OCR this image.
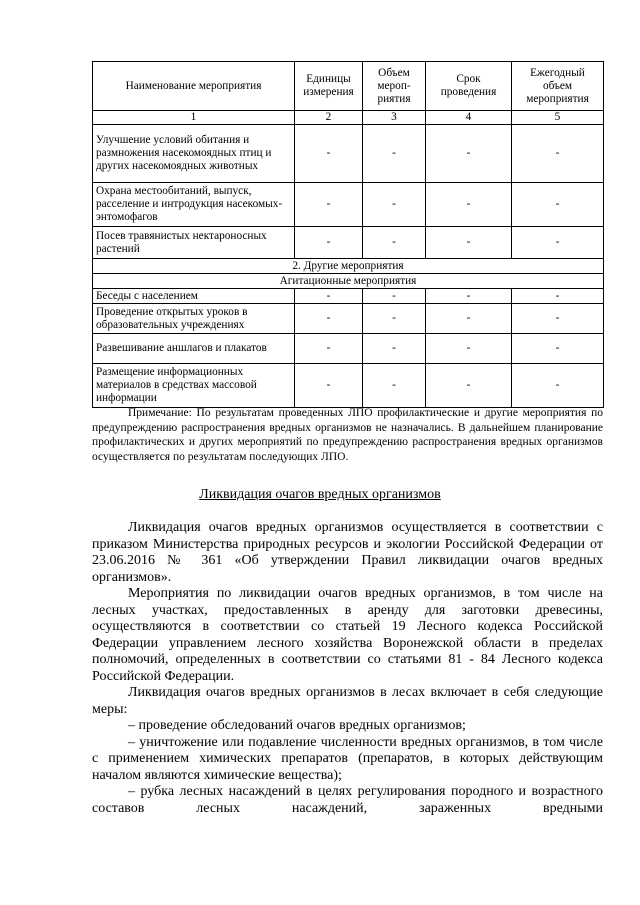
Наименование мероприятия	Единицы измерения	Объем мероп-риятия	Срок проведения	Ежегодный объем мероприятия
1	2	3	4	5
Улучшение условий обитания и размножения насекомоядных птиц и других насекомоядных животных	-	-	-	-
Охрана местообитаний, выпуск, расселение и интродукция насекомых-энтомофагов	-	-	-	-
Посев травянистых нектароносных растений	-	-	-	-
2. Другие мероприятия				
Агитационные мероприятия				
Беседы с населением	-	-	-	-
Проведение открытых уроков в образовательных учреждениях	-	-	-	-
Развешивание аншлагов и плакатов	-	-	-	-
Размещение информационных материалов в средствах массовой информации	-	-	-	-

Примечание: По результатам проведенных ЛПО профилактические и другие мероприятия по предупреждению распространения вредных организмов не назначались. В дальнейшем планирование профилактических и других мероприятий по предупреждению распространения вредных организмов осуществляется по результатам последующих ЛПО.

Ликвидация очагов вредных организмов

Ликвидация очагов вредных организмов осуществляется в соответствии с приказом Министерства природных ресурсов и экологии Российской Федерации от 23.06.2016 № 361 «Об утверждении Правил ликвидации очагов вредных организмов».

Мероприятия по ликвидации очагов вредных организмов, в том числе на лесных участках, предоставленных в аренду для заготовки древесины, осуществляются в соответствии со статьей 19 Лесного кодекса Российской Федерации управлением лесного хозяйства Воронежской области в пределах полномочий, определенных в соответствии со статьями 81 - 84 Лесного кодекса Российской Федерации.

Ликвидация очагов вредных организмов в лесах включает в себя следующие меры:

– проведение обследований очагов вредных организмов;

– уничтожение или подавление численности вредных организмов, в том числе с применением химических препаратов (препаратов, в которых действующим началом являются химические вещества);

– рубка лесных насаждений в целях регулирования породного и возрастного составов лесных насаждений, зараженных вредными
